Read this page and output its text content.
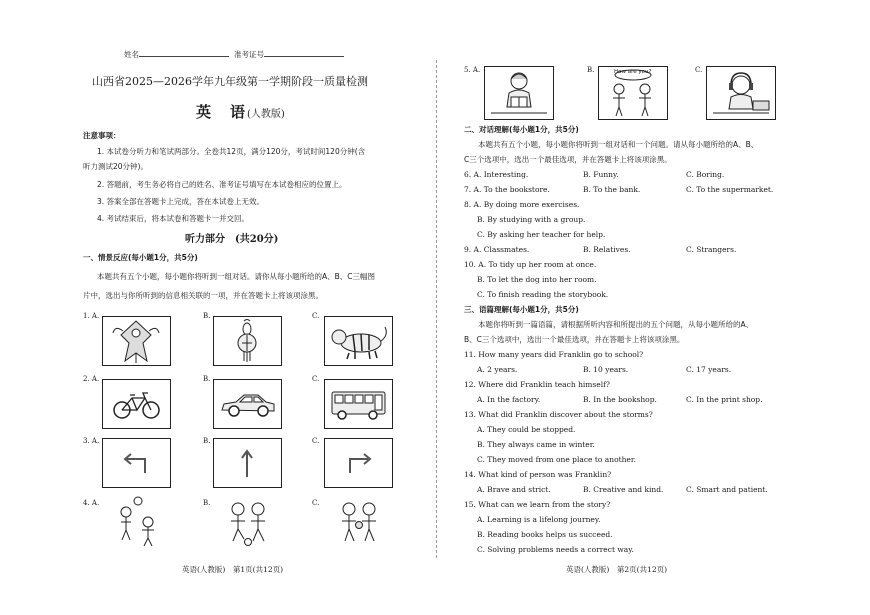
姓名	准考证号
山西省2025—2026学年九年级第一学期阶段一质量检测
英　语(人教版)
注意事项：
1. 本试卷分听力和笔试两部分。全卷共12页，满分120分，考试时间120分钟(含
听力测试20分钟)。
2. 答题前，考生务必将自己的姓名、准考证号填写在本试卷相应的位置上。
3. 答案全部在答题卡上完成，答在本试卷上无效。
4. 考试结束后，将本试卷和答题卡一并交回。
听力部分　(共20分)
一、情景反应(每小题1分，共5分)
本题共有五个小题，每小题你将听到一组对话。请你从每小题所给的A、B、C三幅图
片中，选出与你所听到的信息相关联的一项，并在答题卡上将该项涂黑。
1. A.	B.	C.
2. A.	B.	C.
3. A.	B.	C.
4. A.	B.	C.
英语(人教版)　第1页(共12页)
5. A.	B.	C.
How are you?
二、对话理解(每小题1分，共5分)
本题共有五个小题，每小题你将听到一组对话和一个问题。请从每小题所给的A、B、
C三个选项中，选出一个最佳选项，并在答题卡上将该项涂黑。
6. A. Interesting.	B. Funny.	C. Boring.
7. A. To the bookstore.	B. To the bank.	C. To the supermarket.
8. A. By doing more exercises.
B. By studying with a group.
C. By asking her teacher for help.
9. A. Classmates.	B. Relatives.	C. Strangers.
10. A. To tidy up her room at once.
B. To let the dog into her room.
C. To finish reading the storybook.
三、语篇理解(每小题1分，共5分)
本题你将听到一篇语篇，请根据所听内容和所提出的五个问题，从每小题所给的A、
B、C三个选项中，选出一个最佳选项，并在答题卡上将该项涂黑。
11. How many years did Franklin go to school?
A. 2 years.	B. 10 years.	C. 17 years.
12. Where did Franklin teach himself?
A. In the factory.	B. In the bookshop.	C. In the print shop.
13. What did Franklin discover about the storms?
A. They could be stopped.
B. They always came in winter.
C. They moved from one place to another.
14. What kind of person was Franklin?
A. Brave and strict.	B. Creative and kind.	C. Smart and patient.
15. What can we learn from the story?
A. Learning is a lifelong journey.
B. Reading books helps us succeed.
C. Solving problems needs a correct way.
英语(人教版)　第2页(共12页)
